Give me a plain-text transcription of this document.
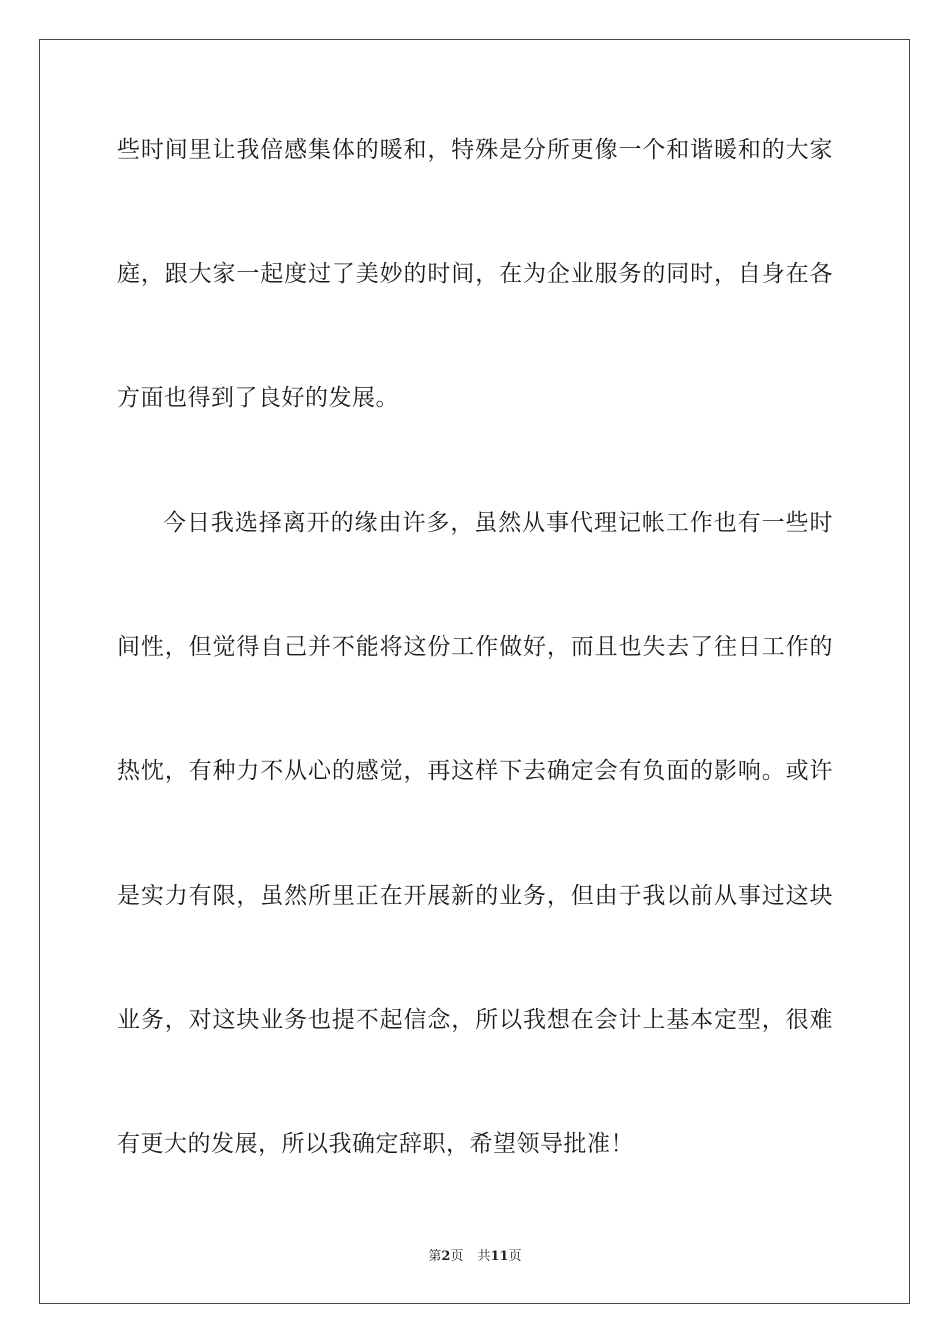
些时间里让我倍感集体的暖和，特殊是分所更像一个和谐暖和的大家
庭，跟大家一起度过了美妙的时间，在为企业服务的同时，自身在各
方面也得到了良好的发展。
今日我选择离开的缘由许多，虽然从事代理记帐工作也有一些时
间性，但觉得自己并不能将这份工作做好，而且也失去了往日工作的
热忱，有种力不从心的感觉，再这样下去确定会有负面的影响。或许
是实力有限，虽然所里正在开展新的业务，但由于我以前从事过这块
业务，对这块业务也提不起信念，所以我想在会计上基本定型，很难
有更大的发展，所以我确定辞职，希望领导批准！
第2页 共11页
